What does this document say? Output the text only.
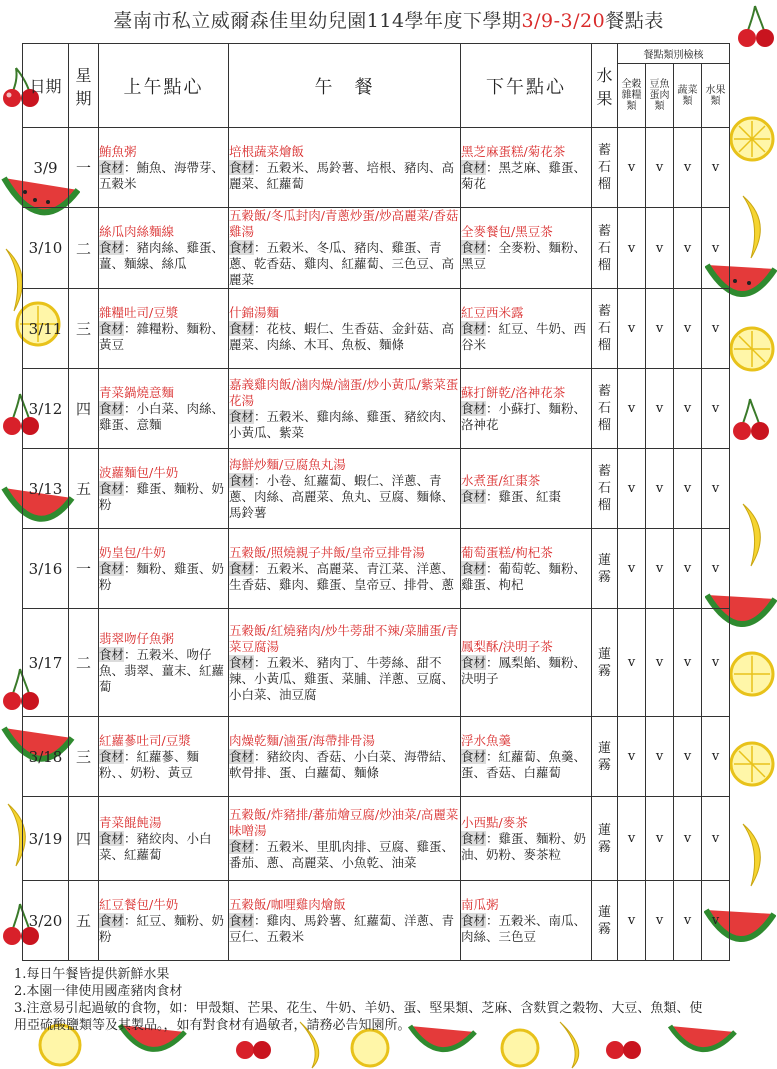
臺南市私立威爾森佳里幼兒園114學年度下學期3/9-3/20餐點表
日期	星期	上午點心	午　餐	下午點心	水果	餐點類別檢核			
						全穀雜糧類	豆魚蛋肉類	蔬菜類	水果類
3/9	一	鮪魚粥
食材：鮪魚、海帶芽、五穀米	培根蔬菜燴飯
食材：五穀米、馬鈴薯、培根、豬肉、高麗菜、紅蘿蔔	黑芝麻蛋糕/菊花茶
食材：黑芝麻、雞蛋、菊花	蓄石榴	v	v	v	v
3/10	二	絲瓜肉絲麵線
食材：豬肉絲、雞蛋、薑、麵線、絲瓜	五穀飯/冬瓜封肉/青蔥炒蛋/炒高麗菜/香菇雞湯
食材：五穀米、冬瓜、豬肉、雞蛋、青蔥、乾香菇、雞肉、紅蘿蔔、三色豆、高麗菜	全麥餐包/黑豆茶
食材：全麥粉、麵粉、黑豆	蓄石榴	v	v	v	v
3/11	三	雜糧吐司/豆漿
食材：雜糧粉、麵粉、黃豆	什錦湯麵
食材：花枝、蝦仁、生香菇、金針菇、高麗菜、肉絲、木耳、魚板、麵條	紅豆西米露
食材：紅豆、牛奶、西谷米	蓄石榴	v	v	v	v
3/12	四	青菜鍋燒意麵
食材：小白菜、肉絲、雞蛋、意麵	嘉義雞肉飯/滷肉燥/滷蛋/炒小黃瓜/紫菜蛋花湯
食材：五穀米、雞肉絲、雞蛋、豬絞肉、小黃瓜、紫菜	蘇打餅乾/洛神花茶
食材：小蘇打、麵粉、洛神花	蓄石榴	v	v	v	v
3/13	五	波蘿麵包/牛奶
食材：雞蛋、麵粉、奶粉	海鮮炒麵/豆腐魚丸湯
食材：小卷、紅蘿蔔、蝦仁、洋蔥、青蔥、肉絲、高麗菜、魚丸、豆腐、麵條、馬鈴薯	水煮蛋/紅棗茶
食材：雞蛋、紅棗	蓄石榴	v	v	v	v
3/16	一	奶皇包/牛奶
食材：麵粉、雞蛋、奶粉	五穀飯/照燒親子丼飯/皇帝豆排骨湯
食材：五穀米、高麗菜、青江菜、洋蔥、生香菇、雞肉、雞蛋、皇帝豆、排骨、蔥	葡萄蛋糕/枸杞茶
食材：葡萄乾、麵粉、雞蛋、枸杞	蓮霧	v	v	v	v
3/17	二	翡翠吻仔魚粥
食材：五穀米、吻仔魚、翡翠、薑末、紅蘿蔔	五穀飯/紅燒豬肉/炒牛蒡甜不辣/菜脯蛋/青菜豆腐湯
食材：五穀米、豬肉丁、牛蒡絲、甜不辣、小黃瓜、雞蛋、菜脯、洋蔥、豆腐、小白菜、油豆腐	鳳梨酥/決明子茶
食材：鳳梨餡、麵粉、決明子	蓮霧	v	v	v	v
3/18	三	紅蘿蔘吐司/豆漿
食材：紅蘿蔘、麵粉、、奶粉、黃豆	肉燥乾麵/滷蛋/海帶排骨湯
食材：豬絞肉、香菇、小白菜、海帶結、軟骨排、蛋、白蘿蔔、麵條	浮水魚羹
食材：紅蘿蔔、魚羹、蛋、香菇、白蘿蔔	蓮霧	v	v	v	v
3/19	四	青菜餛飩湯
食材：豬絞肉、小白菜、紅蘿蔔	五穀飯/炸豬排/蕃茄燴豆腐/炒油菜/高麗菜味噌湯
食材：五穀米、里肌肉排、豆腐、雞蛋、番茄、蔥、高麗菜、小魚乾、油菜	小西點/麥茶
食材：雞蛋、麵粉、奶油、奶粉、麥茶粒	蓮霧	v	v	v	v
3/20	五	紅豆餐包/牛奶
食材：紅豆、麵粉、奶粉	五穀飯/咖哩雞肉燴飯
食材：雞肉、馬鈴薯、紅蘿蔔、洋蔥、青豆仁、五穀米	南瓜粥
食材：五穀米、南瓜、肉絲、三色豆	蓮霧	v	v	v	v
1.每日午餐皆提供新鮮水果
2.本園一律使用國產豬肉食材
3.注意易引起過敏的食物，如：甲殼類、芒果、花生、牛奶、羊奶、蛋、堅果類、芝麻、含麩質之穀物、大豆、魚類、使用亞硫酸鹽類等及其製品。，如有對食材有過敏者，請務必告知園所。
